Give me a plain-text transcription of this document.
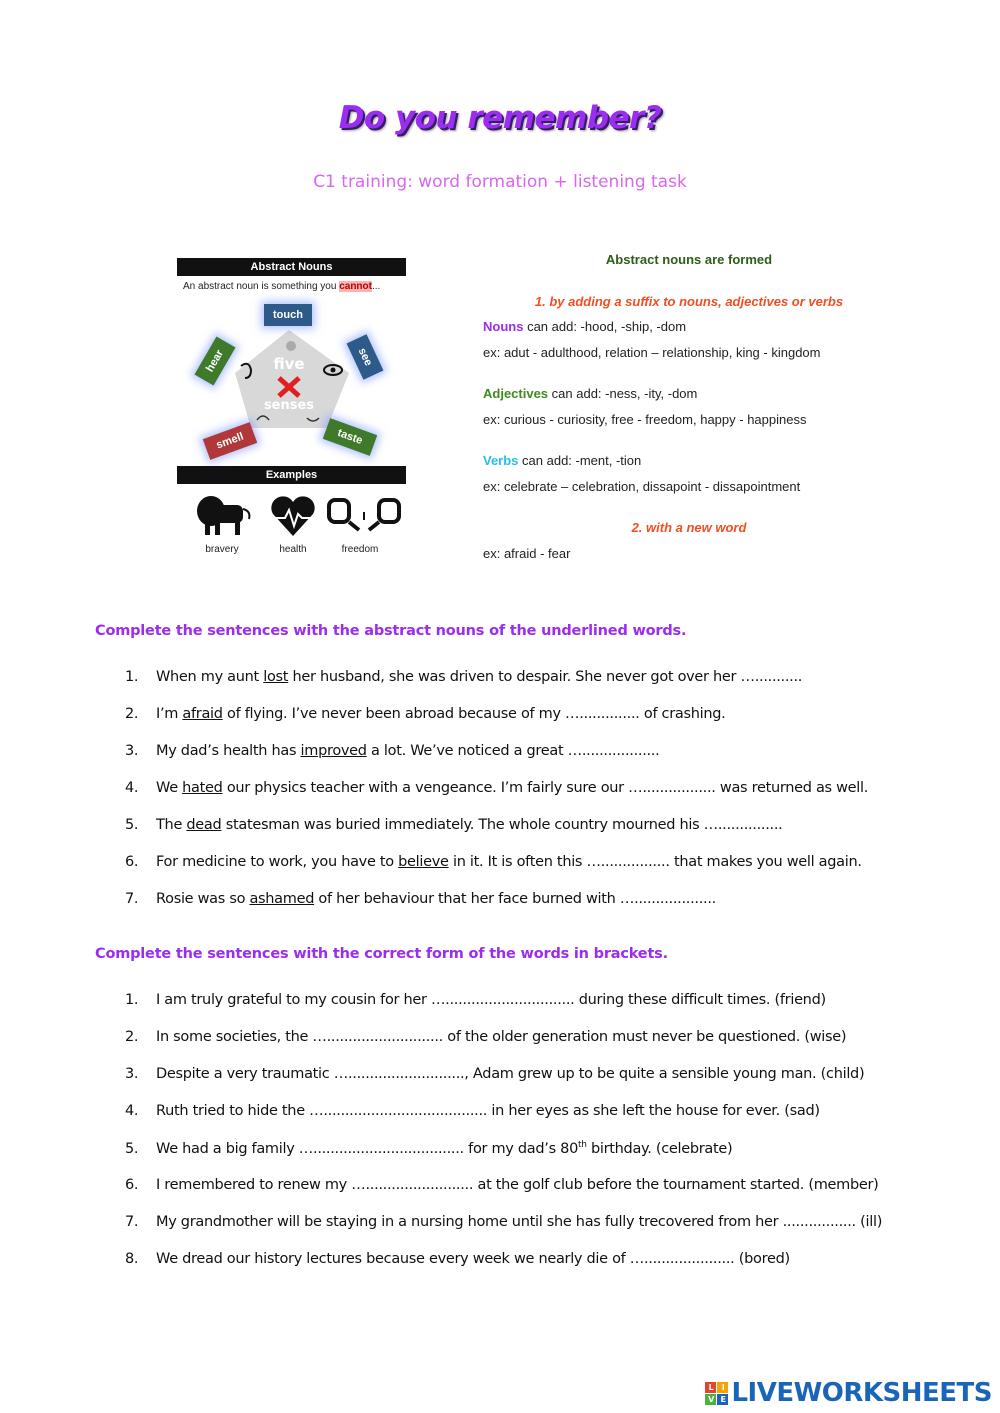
Do you remember?
C1 training: word formation + listening task
Abstract Nouns
An abstract noun is something you cannot...
five
senses
touch
see
taste
smell
hear
Examples
bravery	health	freedom
Abstract nouns are formed
1. by adding a suffix to nouns, adjectives or verbs
Nouns can add: -hood, -ship, -dom
ex: adut - adulthood, relation – relationship, king - kingdom
Adjectives can add: -ness, -ity, -dom
ex: curious - curiosity, free - freedom, happy - happiness
Verbs can add: -ment, -tion
ex: celebrate – celebration, dissapoint - dissapointment
2. with a new word
ex: afraid - fear
Complete the sentences with the abstract nouns of the underlined words.
1. When my aunt lost her husband, she was driven to despair. She never got over her …...........
2. I’m afraid of flying. I’ve never been abroad because of my ….............. of crashing.
3. My dad’s health has improved a lot. We’ve noticed a great …..................
4. We hated our physics teacher with a vengeance. I’m fairly sure our …................. was returned as well.
5. The dead statesman was buried immediately. The whole country mourned his …...............
6. For medicine to work, you have to believe in it. It is often this …................ that makes you well again.
7. Rosie was so ashamed of her behaviour that her face burned with …...................
Complete the sentences with the correct form of the words in brackets.
1. I am truly grateful to my cousin for her ….............................. during these difficult times. (friend)
2. In some societies, the …........................... of the older generation must never be questioned. (wise)
3. Despite a very traumatic …..........................., Adam grew up to be quite a sensible young man. (child)
4. Ruth tried to hide the …...................................... in her eyes as she left the house for ever. (sad)
5. We had a big family …................................... for my dad’s 80th birthday. (celebrate)
6. I remembered to renew my …......................... at the golf club before the tournament started. (member)
7. My grandmother will be staying in a nursing home until she has fully trecovered from her ................. (ill)
8. We dread our history lectures because every week we nearly die of …..................... (bored)
L	I
V E LIVEWORKSHEETS
